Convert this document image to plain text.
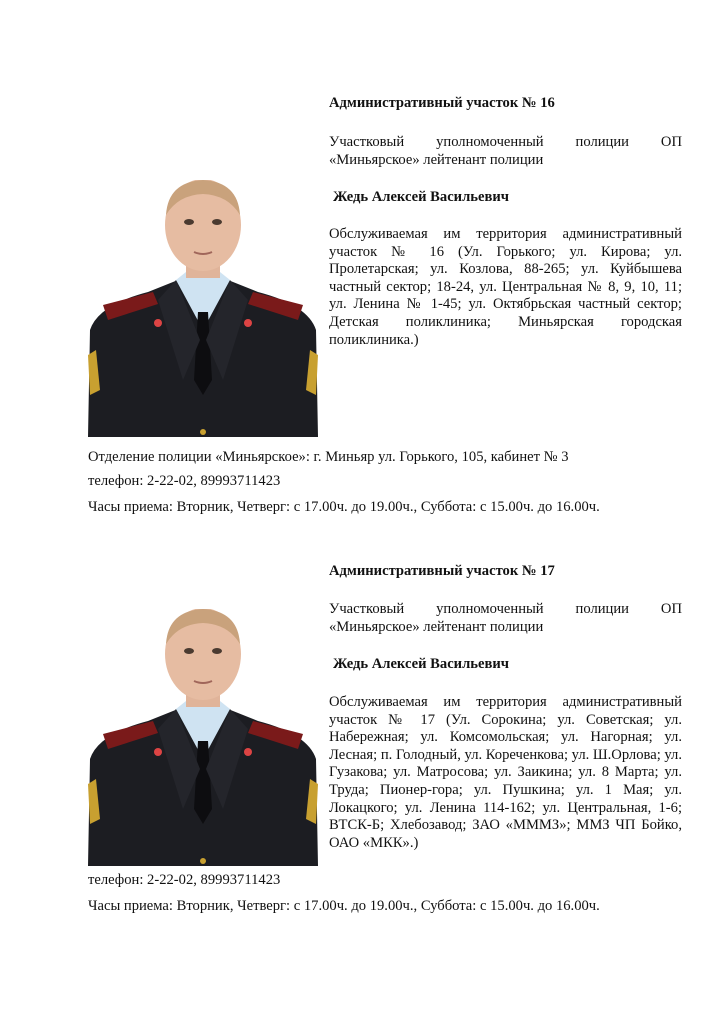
Административный участок № 16
Участковый уполномоченный полиции ОП «Миньярское» лейтенант полиции
Жедь Алексей Васильевич
Обслуживаемая им территория административный участок № 16 (Ул. Горького; ул. Кирова; ул. Пролетарская; ул. Козлова, 88-265; ул. Куйбышева частный сектор; 18-24, ул. Центральная № 8, 9, 10, 11; ул. Ленина № 1-45; ул. Октябрьская частный сектор; Детская поликлиника; Миньярская городская поликлиника.)
Отделение полиции «Миньярское»: г. Миньяр ул. Горького, 105, кабинет № 3
телефон: 2-22-02, 89993711423
Часы приема: Вторник, Четверг: с 17.00ч. до 19.00ч., Суббота: с 15.00ч. до 16.00ч.
Административный участок № 17
Участковый уполномоченный полиции ОП «Миньярское» лейтенант полиции
Жедь Алексей Васильевич
Обслуживаемая им территория административный участок № 17 (Ул. Сорокина; ул. Советская; ул. Набережная; ул. Комсомольская; ул. Нагорная; ул. Лесная; п. Голодный, ул. Кореченкова; ул. Ш.Орлова; ул. Гузакова; ул. Матросова; ул. Заикина; ул. 8 Марта; ул. Труда; Пионер-гора; ул. Пушкина; ул. 1 Мая; ул. Локацкого; ул. Ленина 114-162; ул. Центральная, 1-6; ВТСК-Б; Хлебозавод; ЗАО «МММЗ»; ММЗ ЧП Бойко, ОАО «МКК».)
телефон: 2-22-02, 89993711423
Часы приема: Вторник, Четверг: с 17.00ч. до 19.00ч., Суббота: с 15.00ч. до 16.00ч.
